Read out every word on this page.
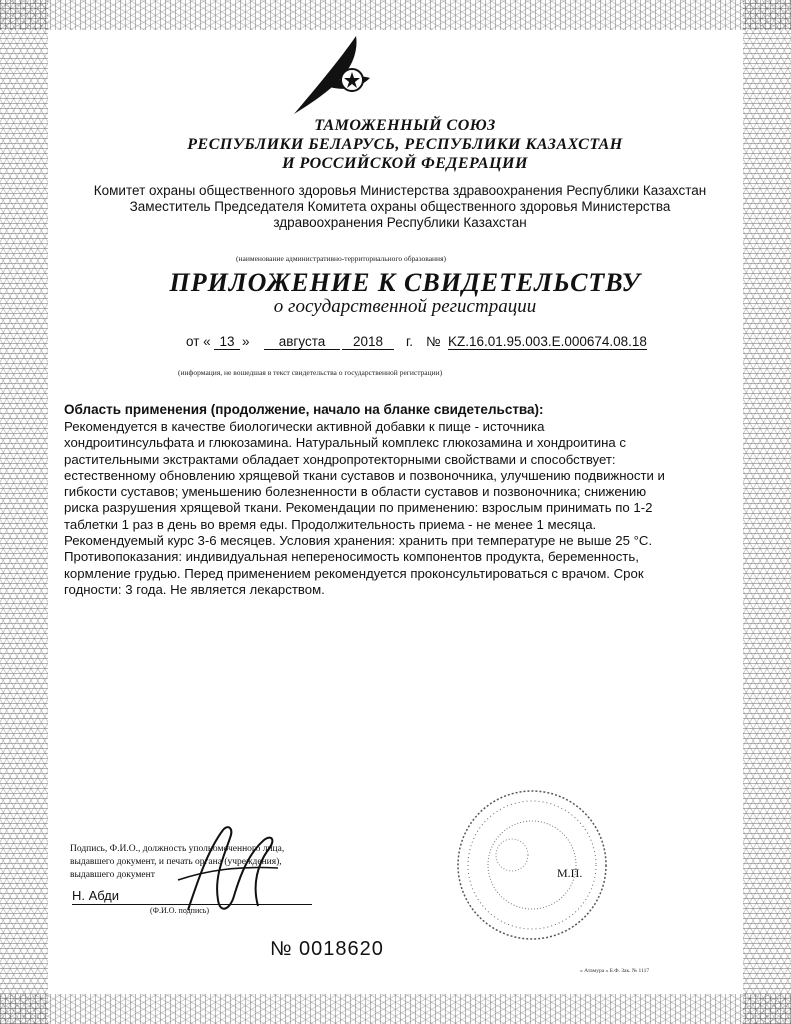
ТАМОЖЕННЫЙ СОЮЗ
РЕСПУБЛИКИ БЕЛАРУСЬ, РЕСПУБЛИКИ КАЗАХСТАН
И РОССИЙСКОЙ ФЕДЕРАЦИИ
Комитет охраны общественного здоровья Министерства здравоохранения Республики Казахстан
Заместитель Председателя Комитета охраны общественного здоровья Министерства
здравоохранения Республики Казахстан
(наименование административно-территориального образования)
ПРИЛОЖЕНИЕ К СВИДЕТЕЛЬСТВУ
о государственной регистрации
от « 13 »	августа	2018	г. № KZ.16.01.95.003.Е.000674.08.18
(информация, не вошедшая в текст свидетельства о государственной регистрации)
Область применения (продолжение, начало на бланке свидетельства):
Рекомендуется в качестве биологически активной добавки к пище - источника
хондроитинсульфата и глюкозамина. Натуральный комплекс глюкозамина и хондроитина с
растительными экстрактами обладает хондропротекторными свойствами и способствует:
естественному обновлению хрящевой ткани суставов и позвоночника, улучшению подвижности и
гибкости суставов; уменьшению болезненности в области суставов и позвоночника; снижению
риска разрушения хрящевой ткани. Рекомендации по применению: взрослым принимать по 1-2
таблетки 1 раз в день во время еды. Продолжительность приема - не менее 1 месяца.
Рекомендуемый курс 3-6 месяцев. Условия хранения: хранить при температуре не выше 25 °С.
Противопоказания: индивидуальная непереносимость компонентов продукта, беременность,
кормление грудью. Перед применением рекомендуется проконсультироваться с врачом. Срок
годности: 3 года. Не является лекарством.
Подпись, Ф.И.О., должность уполномоченного лица,
выдавшего документ, и печать органа (учреждения),
выдавшего документ
Н. Абди
(Ф.И.О. подпись)
М.П.
№ 0018620
« Атамура » Б.Ф. Зак. № 1117
